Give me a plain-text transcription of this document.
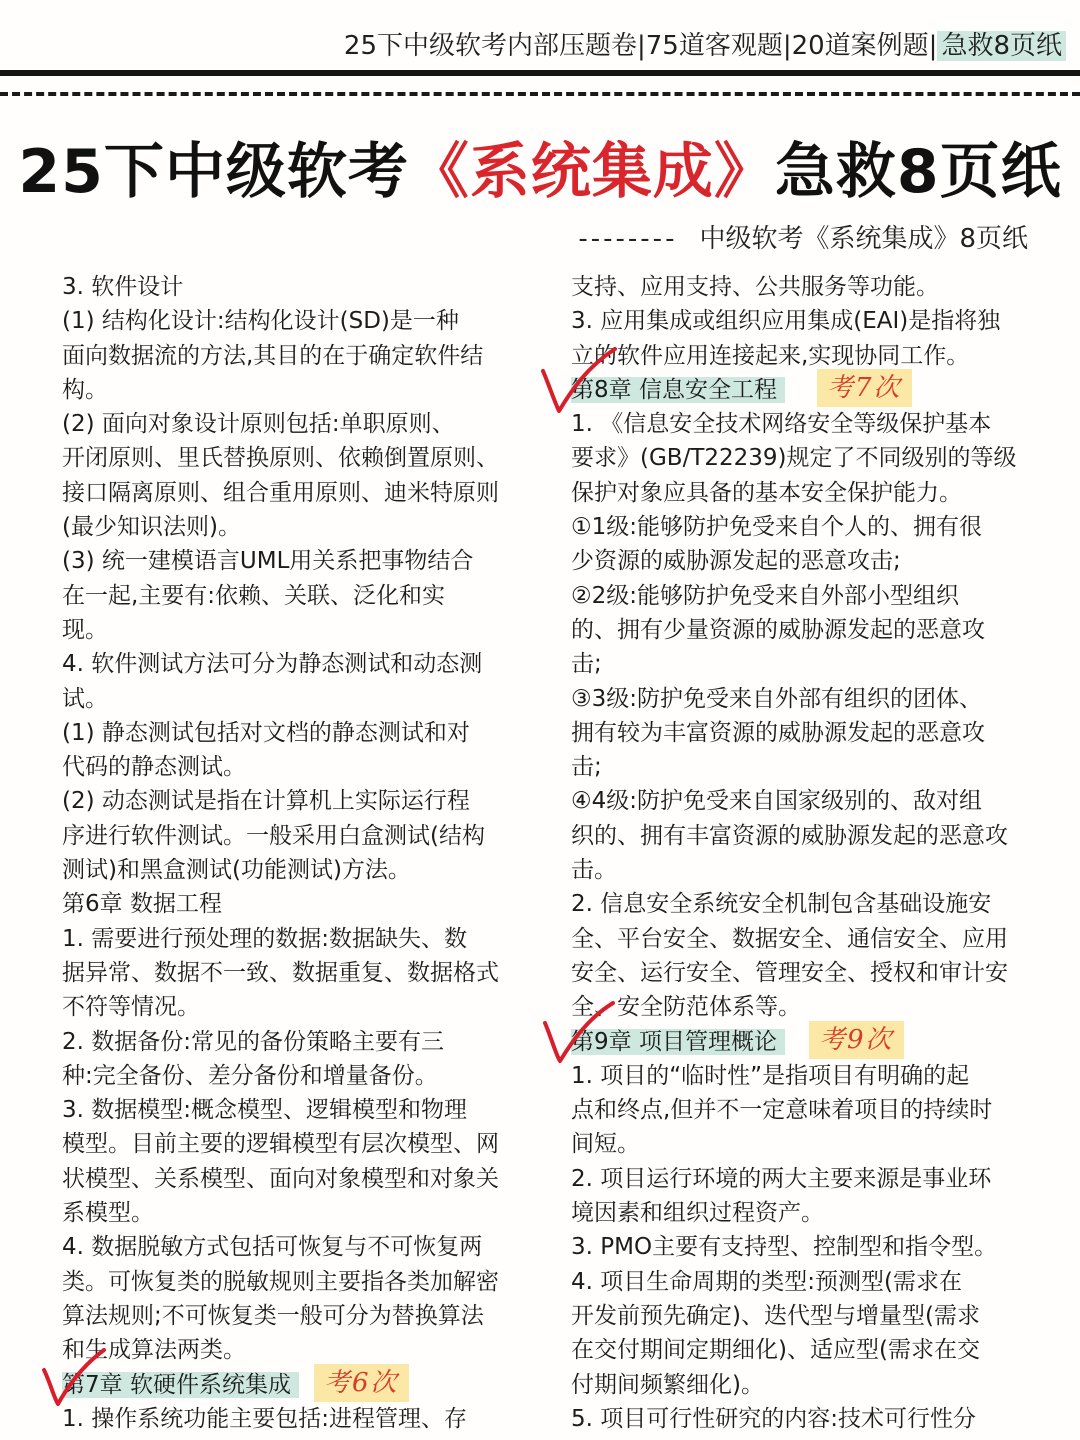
25下中级软考内部压题卷|75道客观题|20道案例题| 急救8页纸
25下中级软考《系统集成》急救8页纸
-------- 中级软考《系统集成》8页纸

3. 软件设计
(1) 结构化设计:结构化设计(SD)是一种
面向数据流的方法,其目的在于确定软件结
构。
(2) 面向对象设计原则包括:单职原则、
开闭原则、里氏替换原则、依赖倒置原则、
接口隔离原则、组合重用原则、迪米特原则
(最少知识法则)。
(3) 统一建模语言UML用关系把事物结合
在一起,主要有:依赖、关联、泛化和实
现。
4. 软件测试方法可分为静态测试和动态测
试。
(1) 静态测试包括对文档的静态测试和对
代码的静态测试。
(2) 动态测试是指在计算机上实际运行程
序进行软件测试。一般采用白盒测试(结构
测试)和黑盒测试(功能测试)方法。
第6章 数据工程
1. 需要进行预处理的数据:数据缺失、数
据异常、数据不一致、数据重复、数据格式
不符等情况。
2. 数据备份:常见的备份策略主要有三
种:完全备份、差分备份和增量备份。
3. 数据模型:概念模型、逻辑模型和物理
模型。目前主要的逻辑模型有层次模型、网
状模型、关系模型、面向对象模型和对象关
系模型。
4. 数据脱敏方式包括可恢复与不可恢复两
类。可恢复类的脱敏规则主要指各类加解密
算法规则;不可恢复类一般可分为替换算法
和生成算法两类。

第7章 软硬件系统集成	考6次

1. 操作系统功能主要包括:进程管理、存

支持、应用支持、公共服务等功能。
3. 应用集成或组织应用集成(EAI)是指将独
立的软件应用连接起来,实现协同工作。

第8章 信息安全工程	考7次

1. 《信息安全技术网络安全等级保护基本
要求》(GB/T22239)规定了不同级别的等级
保护对象应具备的基本安全保护能力。
①1级:能够防护免受来自个人的、拥有很
少资源的威胁源发起的恶意攻击;
②2级:能够防护免受来自外部小型组织
的、拥有少量资源的威胁源发起的恶意攻
击;
③3级:防护免受来自外部有组织的团体、
拥有较为丰富资源的威胁源发起的恶意攻
击;
④4级:防护免受来自国家级别的、敌对组
织的、拥有丰富资源的威胁源发起的恶意攻
击。
2. 信息安全系统安全机制包含基础设施安
全、平台安全、数据安全、通信安全、应用
安全、运行安全、管理安全、授权和审计安
全、安全防范体系等。

第9章 项目管理概论	考9次

1. 项目的“临时性”是指项目有明确的起
点和终点,但并不一定意味着项目的持续时
间短。
2. 项目运行环境的两大主要来源是事业环
境因素和组织过程资产。
3. PMO主要有支持型、控制型和指令型。
4. 项目生命周期的类型:预测型(需求在
开发前预先确定)、迭代型与增量型(需求
在交付期间定期细化)、适应型(需求在交
付期间频繁细化)。
5. 项目可行性研究的内容:技术可行性分
